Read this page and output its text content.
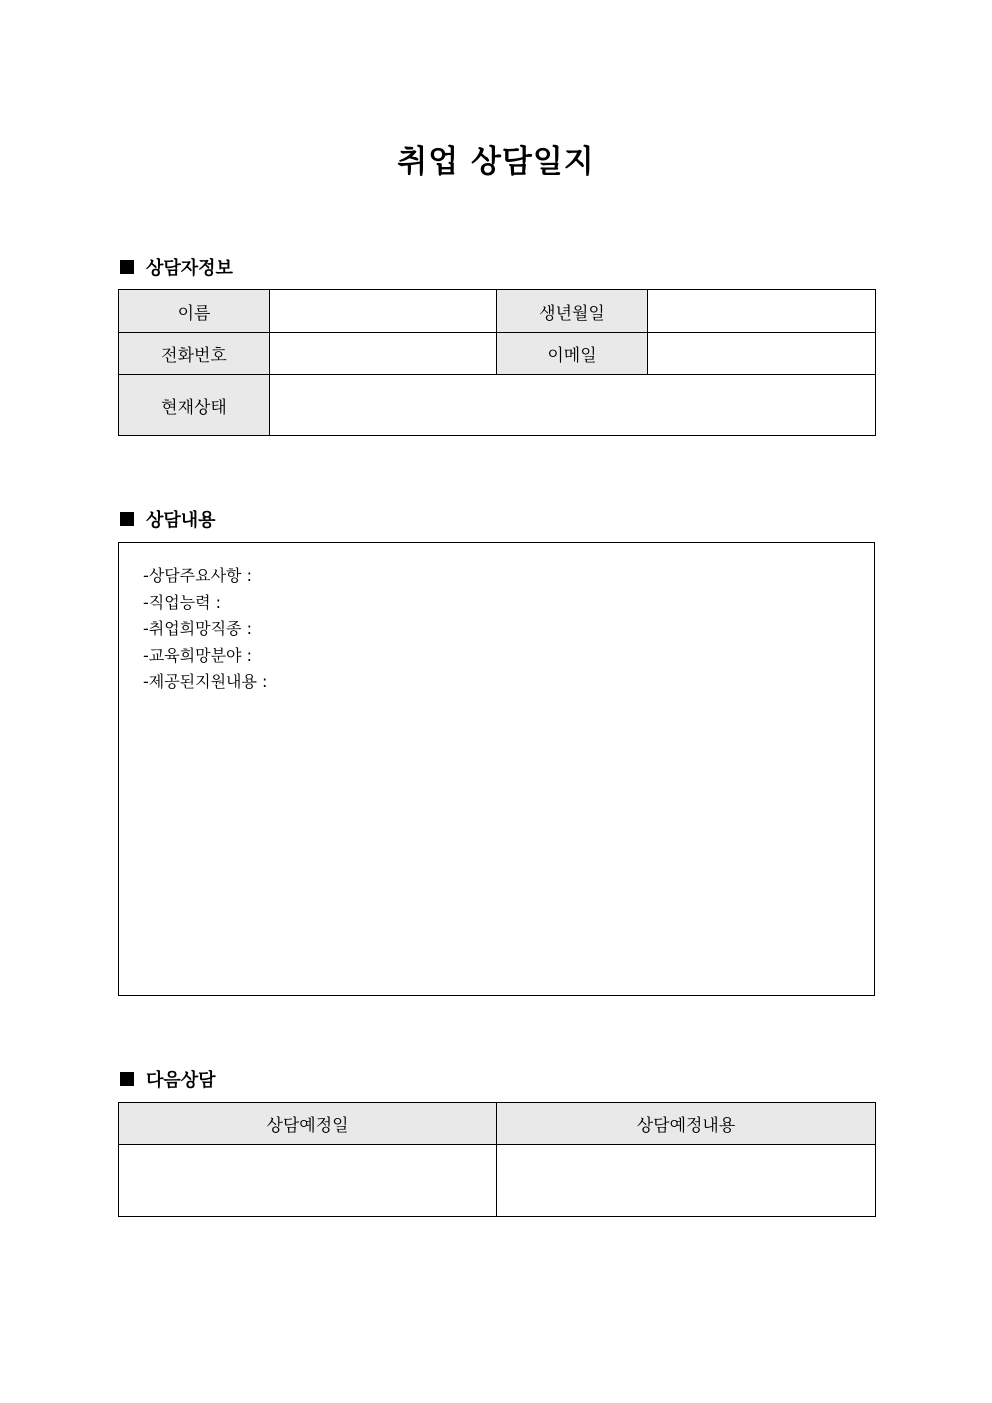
취업 상담일지
상담자정보
이름		생년월일	
전화번호		이메일	
현재상태			
상담내용
-상담주요사항 :
-직업능력 :
-취업희망직종 :
-교육희망분야 :
-제공된지원내용 :
다음상담
상담예정일	상담예정내용
